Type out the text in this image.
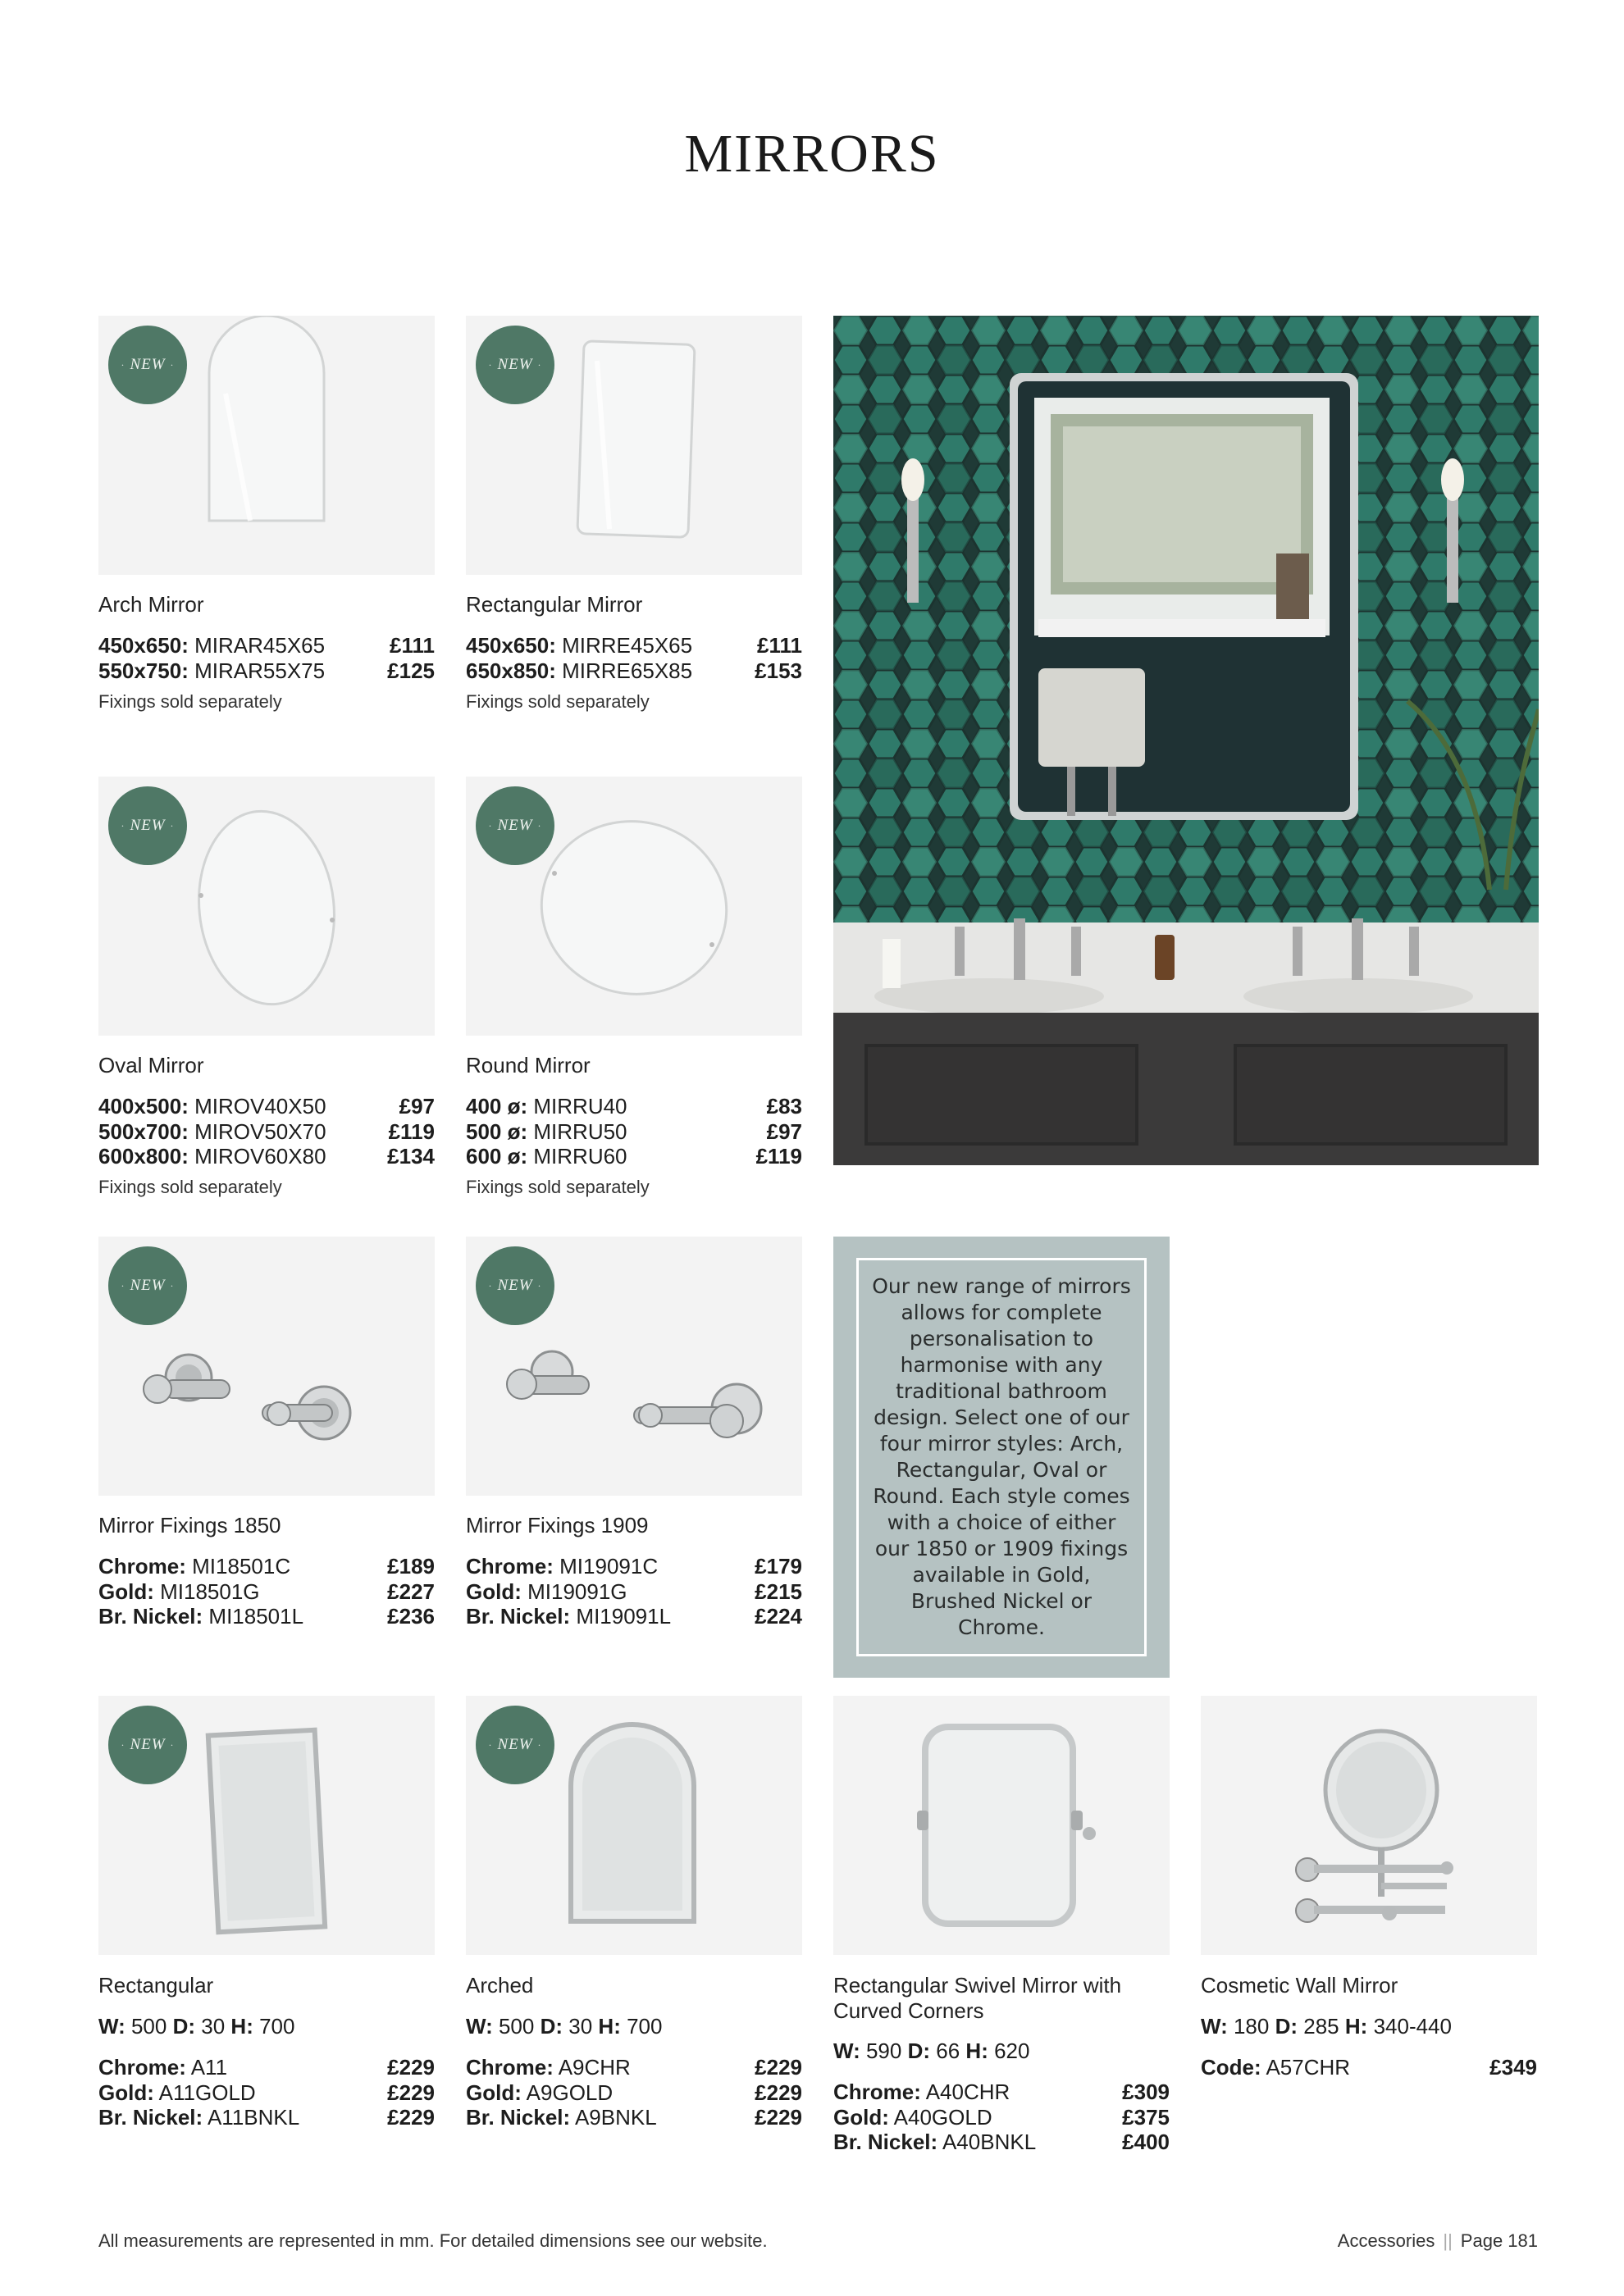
MIRRORS
· NEW ·
Arch Mirror
450x650: MIRAR45X65	£111
550x750: MIRAR55X75	£125
Fixings sold separately
· NEW ·
Rectangular Mirror
450x650: MIRRE45X65	£111
650x850: MIRRE65X85	£153
Fixings sold separately
· NEW ·
Oval Mirror
400x500: MIROV40X50	£97
500x700: MIROV50X70	£119
600x800: MIROV60X80	£134
Fixings sold separately
· NEW ·
Round Mirror
400 ø: MIRRU40	£83
500 ø: MIRRU50	£97
600 ø: MIRRU60	£119
Fixings sold separately
· NEW ·
Mirror Fixings 1850
Chrome: MI18501C	£189
Gold: MI18501G	£227
Br. Nickel: MI18501L	£236
· NEW ·
Mirror Fixings 1909
Chrome: MI19091C	£179
Gold: MI19091G	£215
Br. Nickel: MI19091L	£224
Our new range of mirrors allows for complete personalisation to harmonise with any traditional bathroom design. Select one of our four mirror styles: Arch, Rectangular, Oval or Round. Each style comes with a choice of either our 1850 or 1909 fixings available in Gold, Brushed Nickel or Chrome.
· NEW ·
Rectangular
W: 500 D: 30 H: 700
Chrome: A11	£229
Gold: A11GOLD	£229
Br. Nickel: A11BNKL	£229
· NEW ·
Arched
W: 500 D: 30 H: 700
Chrome: A9CHR	£229
Gold: A9GOLD	£229
Br. Nickel: A9BNKL	£229
Rectangular Swivel Mirror with Curved Corners
W: 590 D: 66 H: 620
Chrome: A40CHR	£309
Gold: A40GOLD	£375
Br. Nickel: A40BNKL	£400
Cosmetic Wall Mirror
W: 180 D: 285 H: 340-440
Code: A57CHR	£349
All measurements are represented in mm. For detailed dimensions see our website.	Accessories || Page 181
